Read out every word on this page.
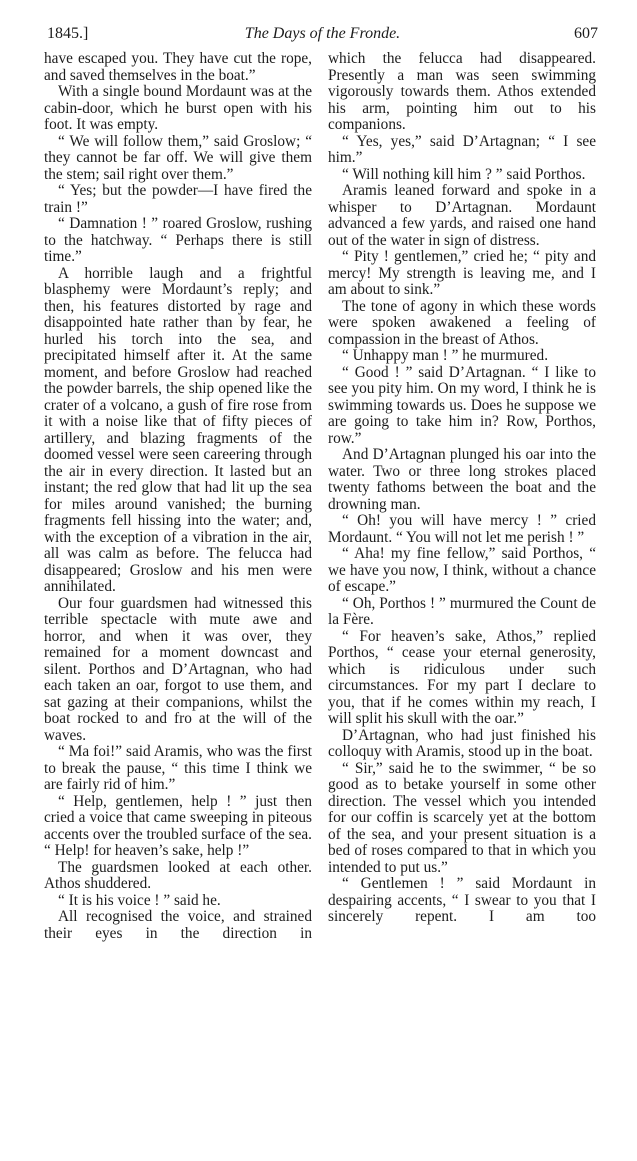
1845.]	The Days of the Fronde.	607

have escaped you. They have cut the rope, and saved themselves in the boat.”

With a single bound Mordaunt was at the cabin-door, which he burst open with his foot. It was empty.

“ We will follow them,” said Groslow; “ they cannot be far off. We will give them the stem; sail right over them.”

“ Yes; but the powder—I have fired the train !”

“ Damnation ! ” roared Groslow, rushing to the hatchway. “ Perhaps there is still time.”

A horrible laugh and a frightful blasphemy were Mordaunt’s reply; and then, his features distorted by rage and disappointed hate rather than by fear, he hurled his torch into the sea, and precipitated himself after it. At the same moment, and before Groslow had reached the powder barrels, the ship opened like the crater of a volcano, a gush of fire rose from it with a noise like that of fifty pieces of artillery, and blazing fragments of the doomed vessel were seen careering through the air in every direction. It lasted but an instant; the red glow that had lit up the sea for miles around vanished; the burning fragments fell hissing into the water; and, with the exception of a vibration in the air, all was calm as before. The felucca had disappeared; Groslow and his men were annihilated.

Our four guardsmen had witnessed this terrible spectacle with mute awe and horror, and when it was over, they remained for a moment downcast and silent. Porthos and D’Artagnan, who had each taken an oar, forgot to use them, and sat gazing at their companions, whilst the boat rocked to and fro at the will of the waves.

“ Ma foi!” said Aramis, who was the first to break the pause, “ this time I think we are fairly rid of him.”

“ Help, gentlemen, help ! ” just then cried a voice that came sweeping in piteous accents over the troubled surface of the sea. “ Help! for heaven’s sake, help !”

The guardsmen looked at each other. Athos shuddered.

“ It is his voice ! ” said he.

All recognised the voice, and strained their eyes in the direction in

which the felucca had disappeared. Presently a man was seen swimming vigorously towards them. Athos extended his arm, pointing him out to his companions.

“ Yes, yes,” said D’Artagnan; “ I see him.”

“ Will nothing kill him ? ” said Porthos.

Aramis leaned forward and spoke in a whisper to D’Artagnan. Mordaunt advanced a few yards, and raised one hand out of the water in sign of distress.

“ Pity ! gentlemen,” cried he; “ pity and mercy! My strength is leaving me, and I am about to sink.”

The tone of agony in which these words were spoken awakened a feeling of compassion in the breast of Athos.

“ Unhappy man ! ” he murmured.

“ Good ! ” said D’Artagnan. “ I like to see you pity him. On my word, I think he is swimming towards us. Does he suppose we are going to take him in? Row, Porthos, row.”

And D’Artagnan plunged his oar into the water. Two or three long strokes placed twenty fathoms between the boat and the drowning man.

“ Oh! you will have mercy ! ” cried Mordaunt. “ You will not let me perish ! ”

“ Aha! my fine fellow,” said Porthos, “ we have you now, I think, without a chance of escape.”

“ Oh, Porthos ! ” murmured the Count de la Fère.

“ For heaven’s sake, Athos,” replied Porthos, “ cease your eternal generosity, which is ridiculous under such circumstances. For my part I declare to you, that if he comes within my reach, I will split his skull with the oar.”

D’Artagnan, who had just finished his colloquy with Aramis, stood up in the boat.

“ Sir,” said he to the swimmer, “ be so good as to betake yourself in some other direction. The vessel which you intended for our coffin is scarcely yet at the bottom of the sea, and your present situation is a bed of roses compared to that in which you intended to put us.”

“ Gentlemen ! ” said Mordaunt in despairing accents, “ I swear to you that I sincerely repent. I am too
